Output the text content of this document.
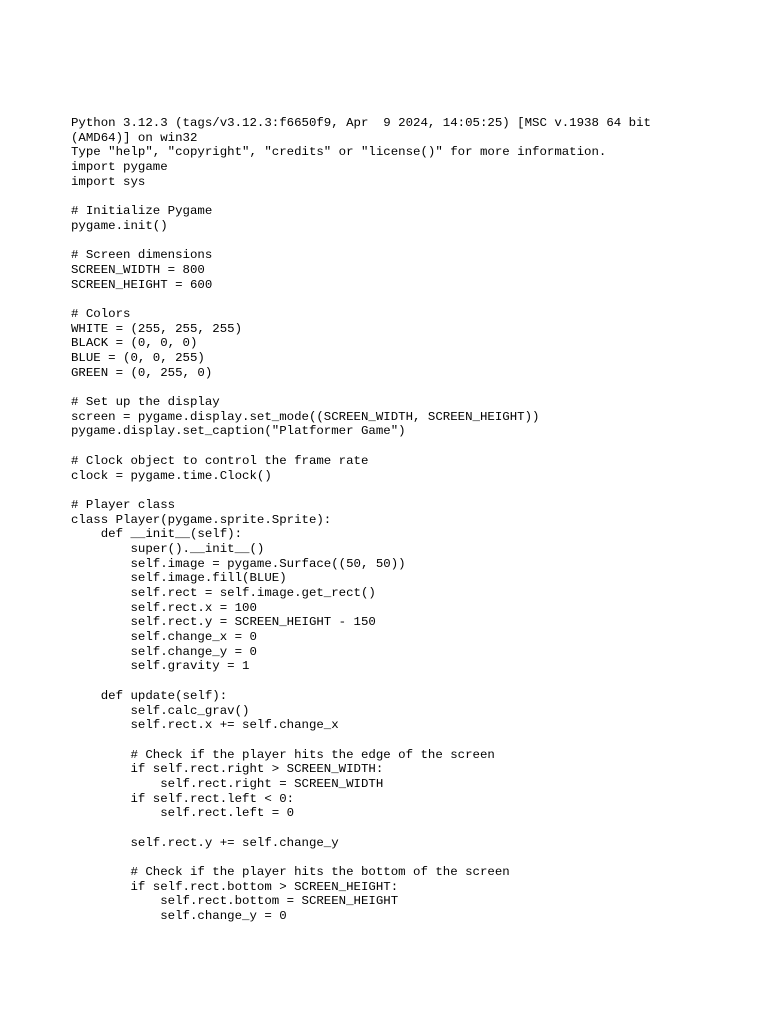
Python 3.12.3 (tags/v3.12.3:f6650f9, Apr  9 2024, 14:05:25) [MSC v.1938 64 bit
(AMD64)] on win32
Type "help", "copyright", "credits" or "license()" for more information.
import pygame
import sys
# Initialize Pygame
pygame.init()
# Screen dimensions
SCREEN_WIDTH = 800
SCREEN_HEIGHT = 600
# Colors
WHITE = (255, 255, 255)
BLACK = (0, 0, 0)
BLUE = (0, 0, 255)
GREEN = (0, 255, 0)
# Set up the display
screen = pygame.display.set_mode((SCREEN_WIDTH, SCREEN_HEIGHT))
pygame.display.set_caption("Platformer Game")
# Clock object to control the frame rate
clock = pygame.time.Clock()
# Player class
class Player(pygame.sprite.Sprite):
def __init__(self):
super().__init__()
self.image = pygame.Surface((50, 50))
self.image.fill(BLUE)
self.rect = self.image.get_rect()
self.rect.x = 100
self.rect.y = SCREEN_HEIGHT - 150
self.change_x = 0
self.change_y = 0
self.gravity = 1
def update(self):
self.calc_grav()
self.rect.x += self.change_x
# Check if the player hits the edge of the screen
if self.rect.right > SCREEN_WIDTH:
self.rect.right = SCREEN_WIDTH
if self.rect.left < 0:
self.rect.left = 0
self.rect.y += self.change_y
# Check if the player hits the bottom of the screen
if self.rect.bottom > SCREEN_HEIGHT:
self.rect.bottom = SCREEN_HEIGHT
self.change_y = 0
